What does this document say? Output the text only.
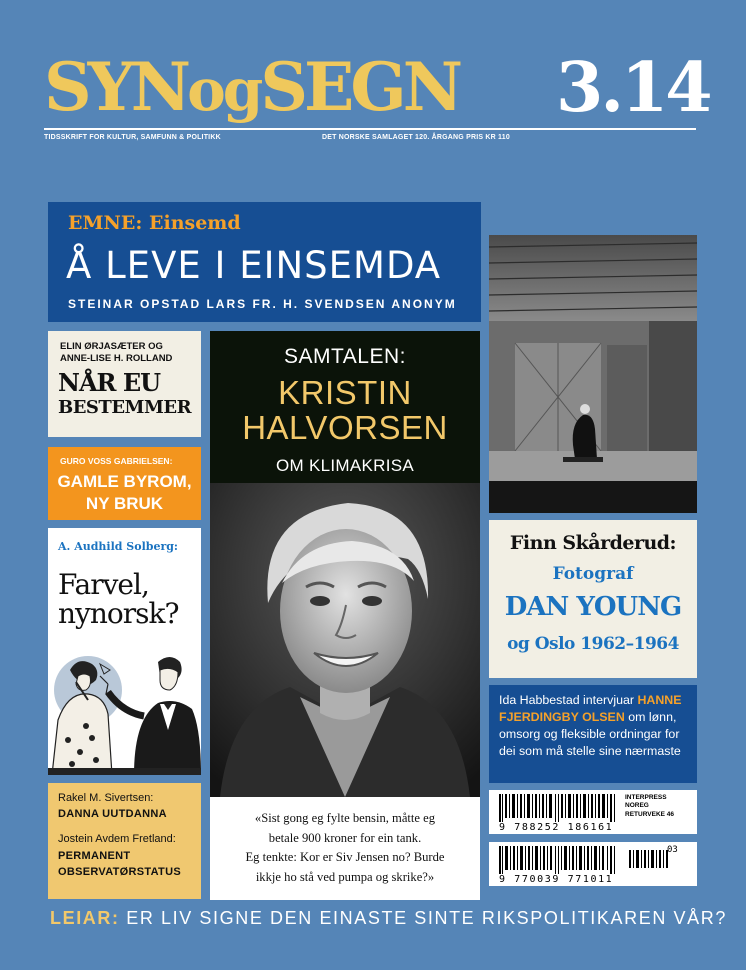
SYNogSEGN 3.14
TIDSSKRIFT FOR KULTUR, SAMFUNN & POLITIKK	DET NORSKE SAMLAGET 120. ÅRGANG PRIS KR 110
EMNE: Einsemd
Å LEVE I EINSEMDA
STEINAR OPSTAD LARS FR. H. SVENDSEN ANONYM
ELIN ØRJASÆTER OG
ANNE-LISE H. ROLLAND
NÅR EU
BESTEMMER
GURO VOSS GABRIELSEN:
GAMLE BYROM,
NY BRUK
A. Audhild Solberg:
Farvel,
nynorsk?
Rakel M. Sivertsen:
DANNA UUTDANNA
Jostein Avdem Fretland:
PERMANENT
OBSERVATØRSTATUS
SAMTALEN:
KRISTIN
HALVORSEN
OM KLIMAKRISA
«Sist gong eg fylte bensin, måtte eg
betale 900 kroner for ein tank.
Eg tenkte: Kor er Siv Jensen no? Burde
ikkje ho stå ved pumpa og skrike?»
Finn Skårderud:
Fotograf
DAN YOUNG
og Oslo 1962–1964
Ida Habbestad intervjuar HANNE FJERDINGBY OLSEN om lønn, omsorg og fleksible ordningar for dei som må stelle sine nærmaste
9 788252 186161
INTERPRESS
NOREG
RETURVEKE 46
03
9 770039 771011
LEIAR: ER LIV SIGNE DEN EINASTE SINTE RIKSPOLITIKAREN VÅR?
